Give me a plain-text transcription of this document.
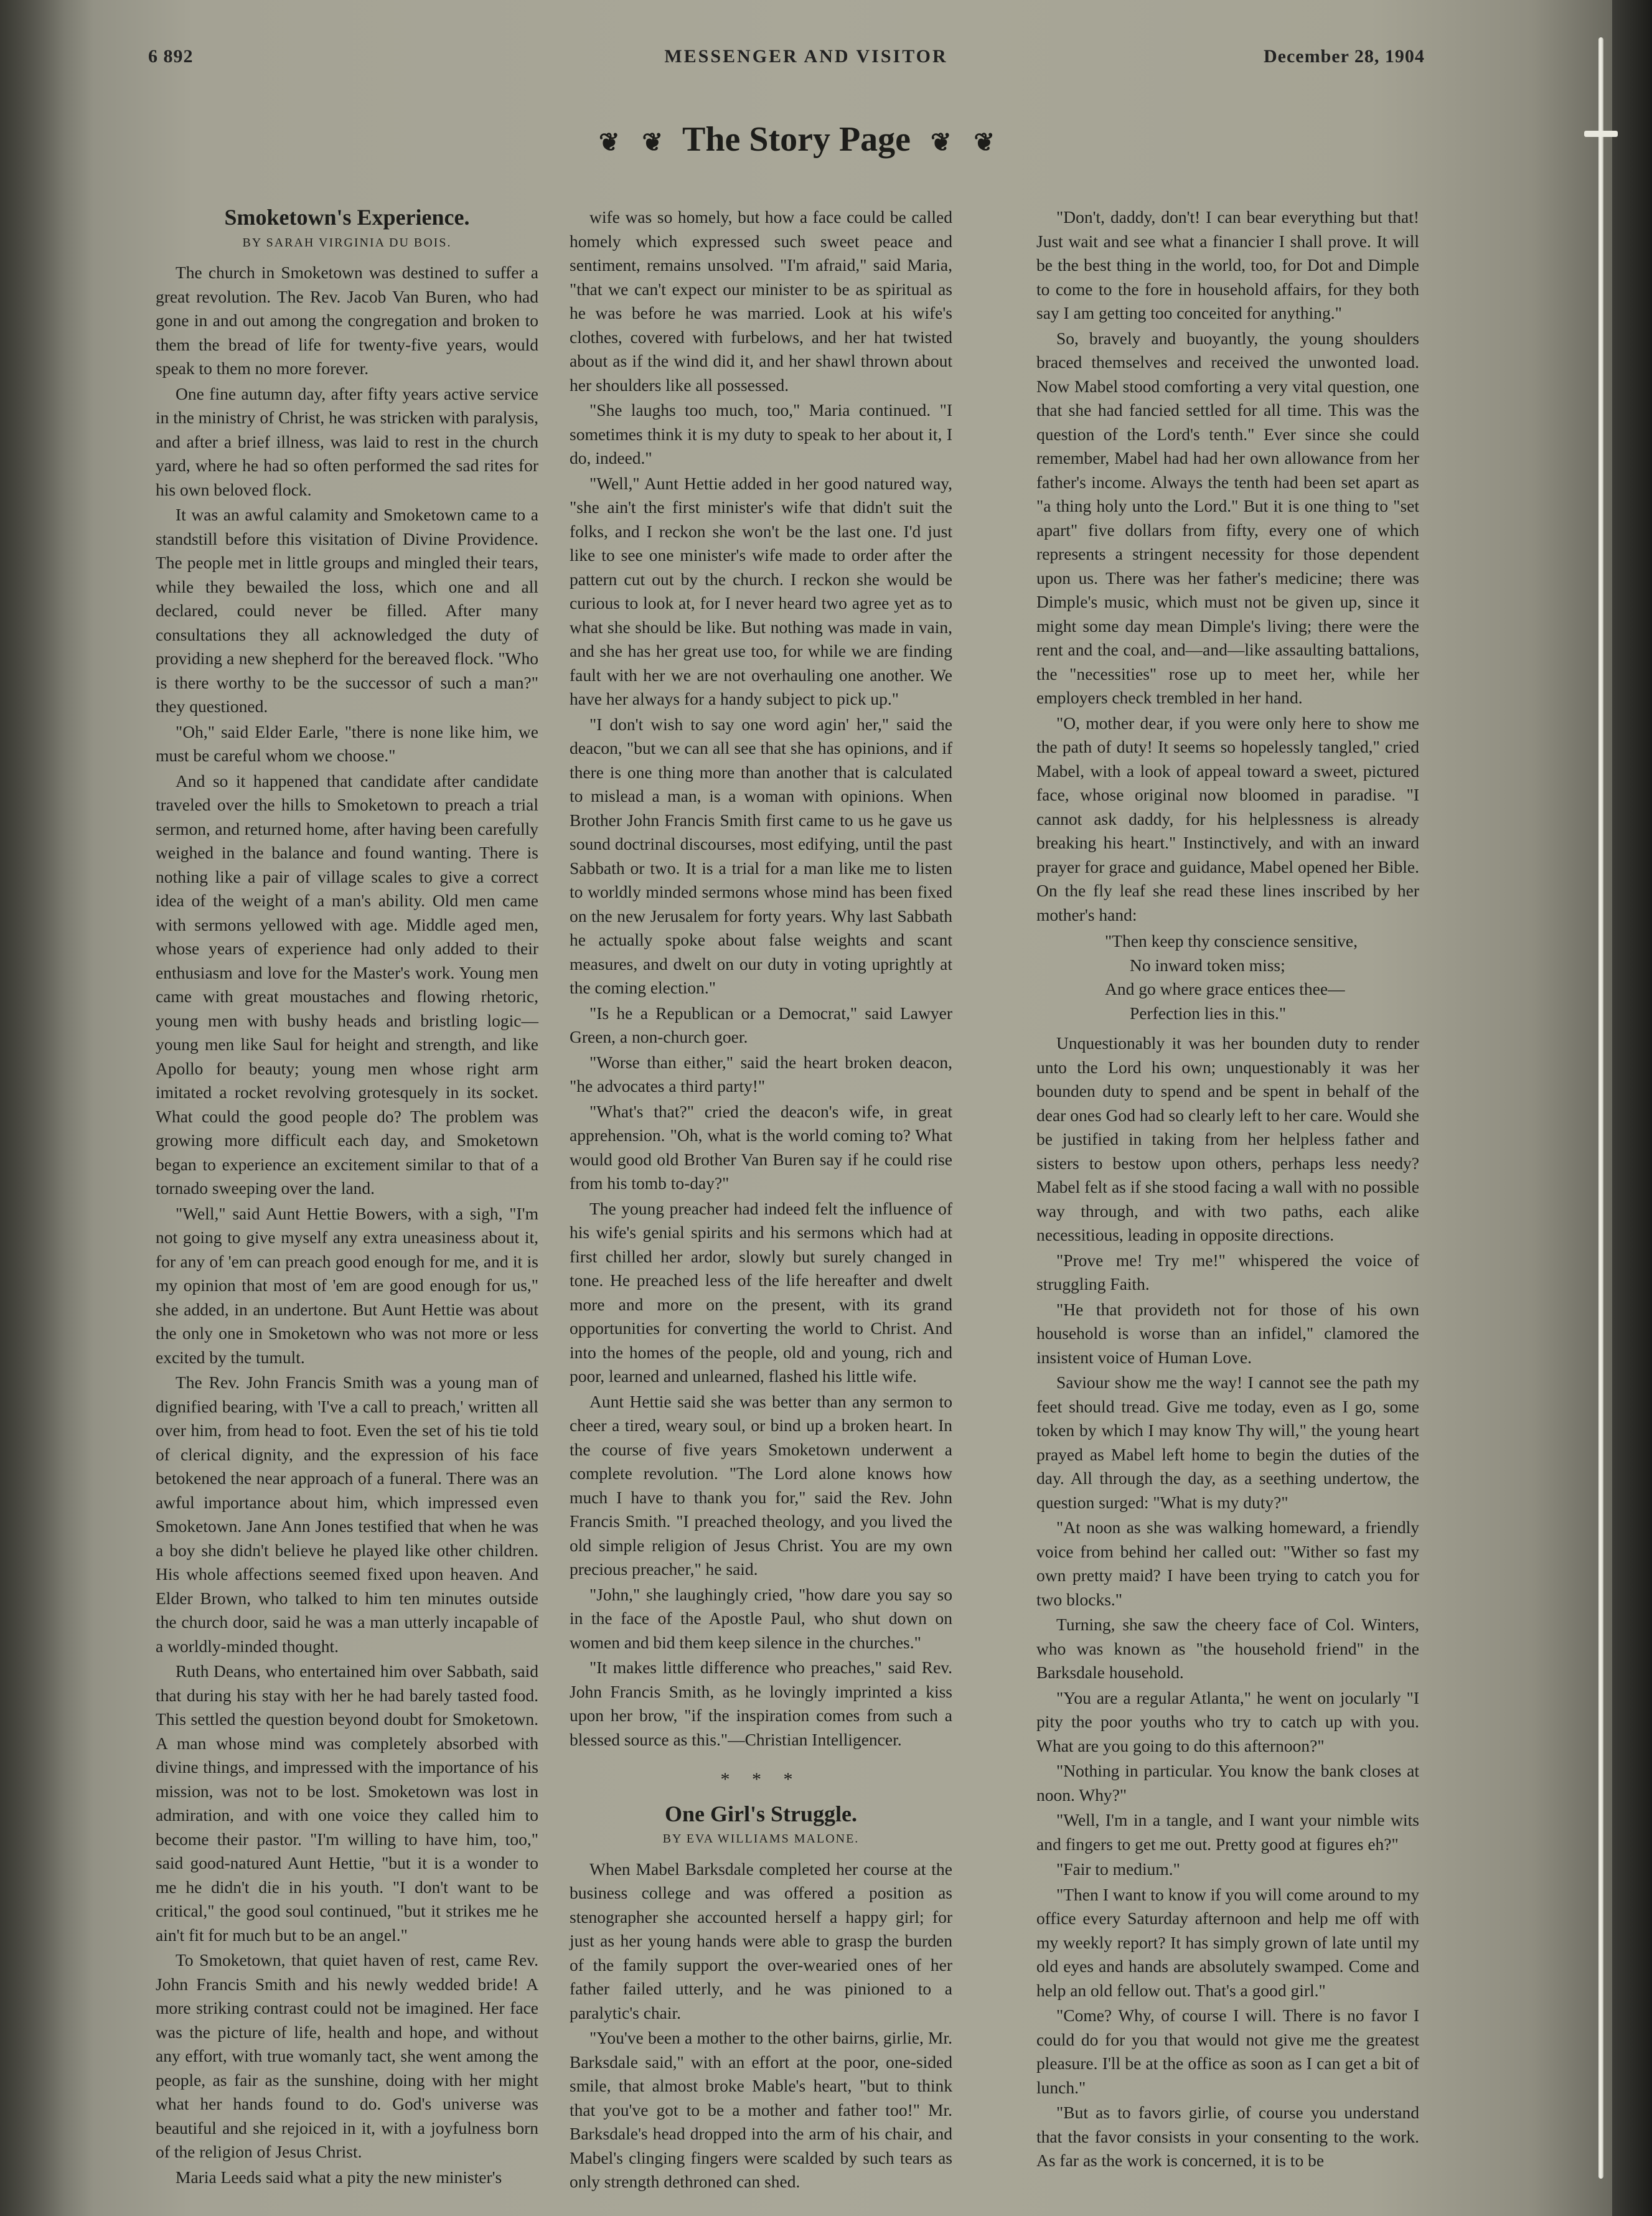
6 892	MESSENGER AND VISITOR	December 28, 1904
❦ ❦ The Story Page ❦ ❦

Smoketown's Experience.

BY SARAH VIRGINIA DU BOIS.

The church in Smoketown was destined to suffer a great revolution. The Rev. Jacob Van Buren, who had gone in and out among the congregation and broken to them the bread of life for twenty-five years, would speak to them no more forever.

One fine autumn day, after fifty years active service in the ministry of Christ, he was stricken with paralysis, and after a brief illness, was laid to rest in the church yard, where he had so often performed the sad rites for his own beloved flock.

It was an awful calamity and Smoketown came to a standstill before this visitation of Divine Providence. The people met in little groups and mingled their tears, while they bewailed the loss, which one and all declared, could never be filled. After many consultations they all acknowledged the duty of providing a new shepherd for the bereaved flock. "Who is there worthy to be the successor of such a man?" they questioned.

"Oh," said Elder Earle, "there is none like him, we must be careful whom we choose."

And so it happened that candidate after candidate traveled over the hills to Smoketown to preach a trial sermon, and returned home, after having been carefully weighed in the balance and found wanting. There is nothing like a pair of village scales to give a correct idea of the weight of a man's ability. Old men came with sermons yellowed with age. Middle aged men, whose years of experience had only added to their enthusiasm and love for the Master's work. Young men came with great moustaches and flowing rhetoric, young men with bushy heads and bristling logic—young men like Saul for height and strength, and like Apollo for beauty; young men whose right arm imitated a rocket revolving grotesquely in its socket. What could the good people do? The problem was growing more difficult each day, and Smoketown began to experience an excitement similar to that of a tornado sweeping over the land.

"Well," said Aunt Hettie Bowers, with a sigh, "I'm not going to give myself any extra uneasiness about it, for any of 'em can preach good enough for me, and it is my opinion that most of 'em are good enough for us," she added, in an undertone. But Aunt Hettie was about the only one in Smoketown who was not more or less excited by the tumult.

The Rev. John Francis Smith was a young man of dignified bearing, with 'I've a call to preach,' written all over him, from head to foot. Even the set of his tie told of clerical dignity, and the expression of his face betokened the near approach of a funeral. There was an awful importance about him, which impressed even Smoketown. Jane Ann Jones testified that when he was a boy she didn't believe he played like other children. His whole affections seemed fixed upon heaven. And Elder Brown, who talked to him ten minutes outside the church door, said he was a man utterly incapable of a worldly-minded thought.

Ruth Deans, who entertained him over Sabbath, said that during his stay with her he had barely tasted food. This settled the question beyond doubt for Smoketown. A man whose mind was completely absorbed with divine things, and impressed with the importance of his mission, was not to be lost. Smoketown was lost in admiration, and with one voice they called him to become their pastor. "I'm willing to have him, too," said good-natured Aunt Hettie, "but it is a wonder to me he didn't die in his youth. "I don't want to be critical," the good soul continued, "but it strikes me he ain't fit for much but to be an angel."

To Smoketown, that quiet haven of rest, came Rev. John Francis Smith and his newly wedded bride! A more striking contrast could not be imagined. Her face was the picture of life, health and hope, and without any effort, with true womanly tact, she went among the people, as fair as the sunshine, doing with her might what her hands found to do. God's universe was beautiful and she rejoiced in it, with a joyfulness born of the religion of Jesus Christ.

Maria Leeds said what a pity the new minister's

wife was so homely, but how a face could be called homely which expressed such sweet peace and sentiment, remains unsolved. "I'm afraid," said Maria, "that we can't expect our minister to be as spiritual as he was before he was married. Look at his wife's clothes, covered with furbelows, and her hat twisted about as if the wind did it, and her shawl thrown about her shoulders like all possessed.

"She laughs too much, too," Maria continued. "I sometimes think it is my duty to speak to her about it, I do, indeed."

"Well," Aunt Hettie added in her good natured way, "she ain't the first minister's wife that didn't suit the folks, and I reckon she won't be the last one. I'd just like to see one minister's wife made to order after the pattern cut out by the church. I reckon she would be curious to look at, for I never heard two agree yet as to what she should be like. But nothing was made in vain, and she has her great use too, for while we are finding fault with her we are not overhauling one another. We have her always for a handy subject to pick up."

"I don't wish to say one word agin' her," said the deacon, "but we can all see that she has opinions, and if there is one thing more than another that is calculated to mislead a man, is a woman with opinions. When Brother John Francis Smith first came to us he gave us sound doctrinal discourses, most edifying, until the past Sabbath or two. It is a trial for a man like me to listen to worldly minded sermons whose mind has been fixed on the new Jerusalem for forty years. Why last Sabbath he actually spoke about false weights and scant measures, and dwelt on our duty in voting uprightly at the coming election."

"Is he a Republican or a Democrat," said Lawyer Green, a non-church goer.

"Worse than either," said the heart broken deacon, "he advocates a third party!"

"What's that?" cried the deacon's wife, in great apprehension. "Oh, what is the world coming to? What would good old Brother Van Buren say if he could rise from his tomb to-day?"

The young preacher had indeed felt the influence of his wife's genial spirits and his sermons which had at first chilled her ardor, slowly but surely changed in tone. He preached less of the life hereafter and dwelt more and more on the present, with its grand opportunities for converting the world to Christ. And into the homes of the people, old and young, rich and poor, learned and unlearned, flashed his little wife.

Aunt Hettie said she was better than any sermon to cheer a tired, weary soul, or bind up a broken heart. In the course of five years Smoketown underwent a complete revolution. "The Lord alone knows how much I have to thank you for," said the Rev. John Francis Smith. "I preached theology, and you lived the old simple religion of Jesus Christ. You are my own precious preacher," he said.

"John," she laughingly cried, "how dare you say so in the face of the Apostle Paul, who shut down on women and bid them keep silence in the churches."

"It makes little difference who preaches," said Rev. John Francis Smith, as he lovingly imprinted a kiss upon her brow, "if the inspiration comes from such a blessed source as this."—Christian Intelligencer.

* * *

One Girl's Struggle.

BY EVA WILLIAMS MALONE.

When Mabel Barksdale completed her course at the business college and was offered a position as stenographer she accounted herself a happy girl; for just as her young hands were able to grasp the burden of the family support the over-wearied ones of her father failed utterly, and he was pinioned to a paralytic's chair.

"You've been a mother to the other bairns, girlie, Mr. Barksdale said," with an effort at the poor, one-sided smile, that almost broke Mable's heart, "but to think that you've got to be a mother and father too!" Mr. Barksdale's head dropped into the arm of his chair, and Mabel's clinging fingers were scalded by such tears as only strength dethroned can shed.

"Don't, daddy, don't! I can bear everything but that! Just wait and see what a financier I shall prove. It will be the best thing in the world, too, for Dot and Dimple to come to the fore in household affairs, for they both say I am getting too conceited for anything."

So, bravely and buoyantly, the young shoulders braced themselves and received the unwonted load. Now Mabel stood comforting a very vital question, one that she had fancied settled for all time. This was the question of the Lord's tenth." Ever since she could remember, Mabel had had her own allowance from her father's income. Always the tenth had been set apart as "a thing holy unto the Lord." But it is one thing to "set apart" five dollars from fifty, every one of which represents a stringent necessity for those dependent upon us. There was her father's medicine; there was Dimple's music, which must not be given up, since it might some day mean Dimple's living; there were the rent and the coal, and—and—like assaulting battalions, the "necessities" rose up to meet her, while her employers check trembled in her hand.

"O, mother dear, if you were only here to show me the path of duty! It seems so hopelessly tangled," cried Mabel, with a look of appeal toward a sweet, pictured face, whose original now bloomed in paradise. "I cannot ask daddy, for his helplessness is already breaking his heart." Instinctively, and with an inward prayer for grace and guidance, Mabel opened her Bible. On the fly leaf she read these lines inscribed by her mother's hand:

"Then keep thy conscience sensitive,
No inward token miss;
And go where grace entices thee—
Perfection lies in this."

Unquestionably it was her bounden duty to render unto the Lord his own; unquestionably it was her bounden duty to spend and be spent in behalf of the dear ones God had so clearly left to her care. Would she be justified in taking from her helpless father and sisters to bestow upon others, perhaps less needy? Mabel felt as if she stood facing a wall with no possible way through, and with two paths, each alike necessitious, leading in opposite directions.

"Prove me! Try me!" whispered the voice of struggling Faith.

"He that provideth not for those of his own household is worse than an infidel," clamored the insistent voice of Human Love.

Saviour show me the way! I cannot see the path my feet should tread. Give me today, even as I go, some token by which I may know Thy will," the young heart prayed as Mabel left home to begin the duties of the day. All through the day, as a seething undertow, the question surged: "What is my duty?"

"At noon as she was walking homeward, a friendly voice from behind her called out: "Wither so fast my own pretty maid? I have been trying to catch you for two blocks."

Turning, she saw the cheery face of Col. Winters, who was known as "the household friend" in the Barksdale household.

"You are a regular Atlanta," he went on jocularly "I pity the poor youths who try to catch up with you. What are you going to do this afternoon?"

"Nothing in particular. You know the bank closes at noon. Why?"

"Well, I'm in a tangle, and I want your nimble wits and fingers to get me out. Pretty good at figures eh?"

"Fair to medium."

"Then I want to know if you will come around to my office every Saturday afternoon and help me off with my weekly report? It has simply grown of late until my old eyes and hands are absolutely swamped. Come and help an old fellow out. That's a good girl."

"Come? Why, of course I will. There is no favor I could do for you that would not give me the greatest pleasure. I'll be at the office as soon as I can get a bit of lunch."

"But as to favors girlie, of course you understand that the favor consists in your consenting to the work. As far as the work is concerned, it is to be
